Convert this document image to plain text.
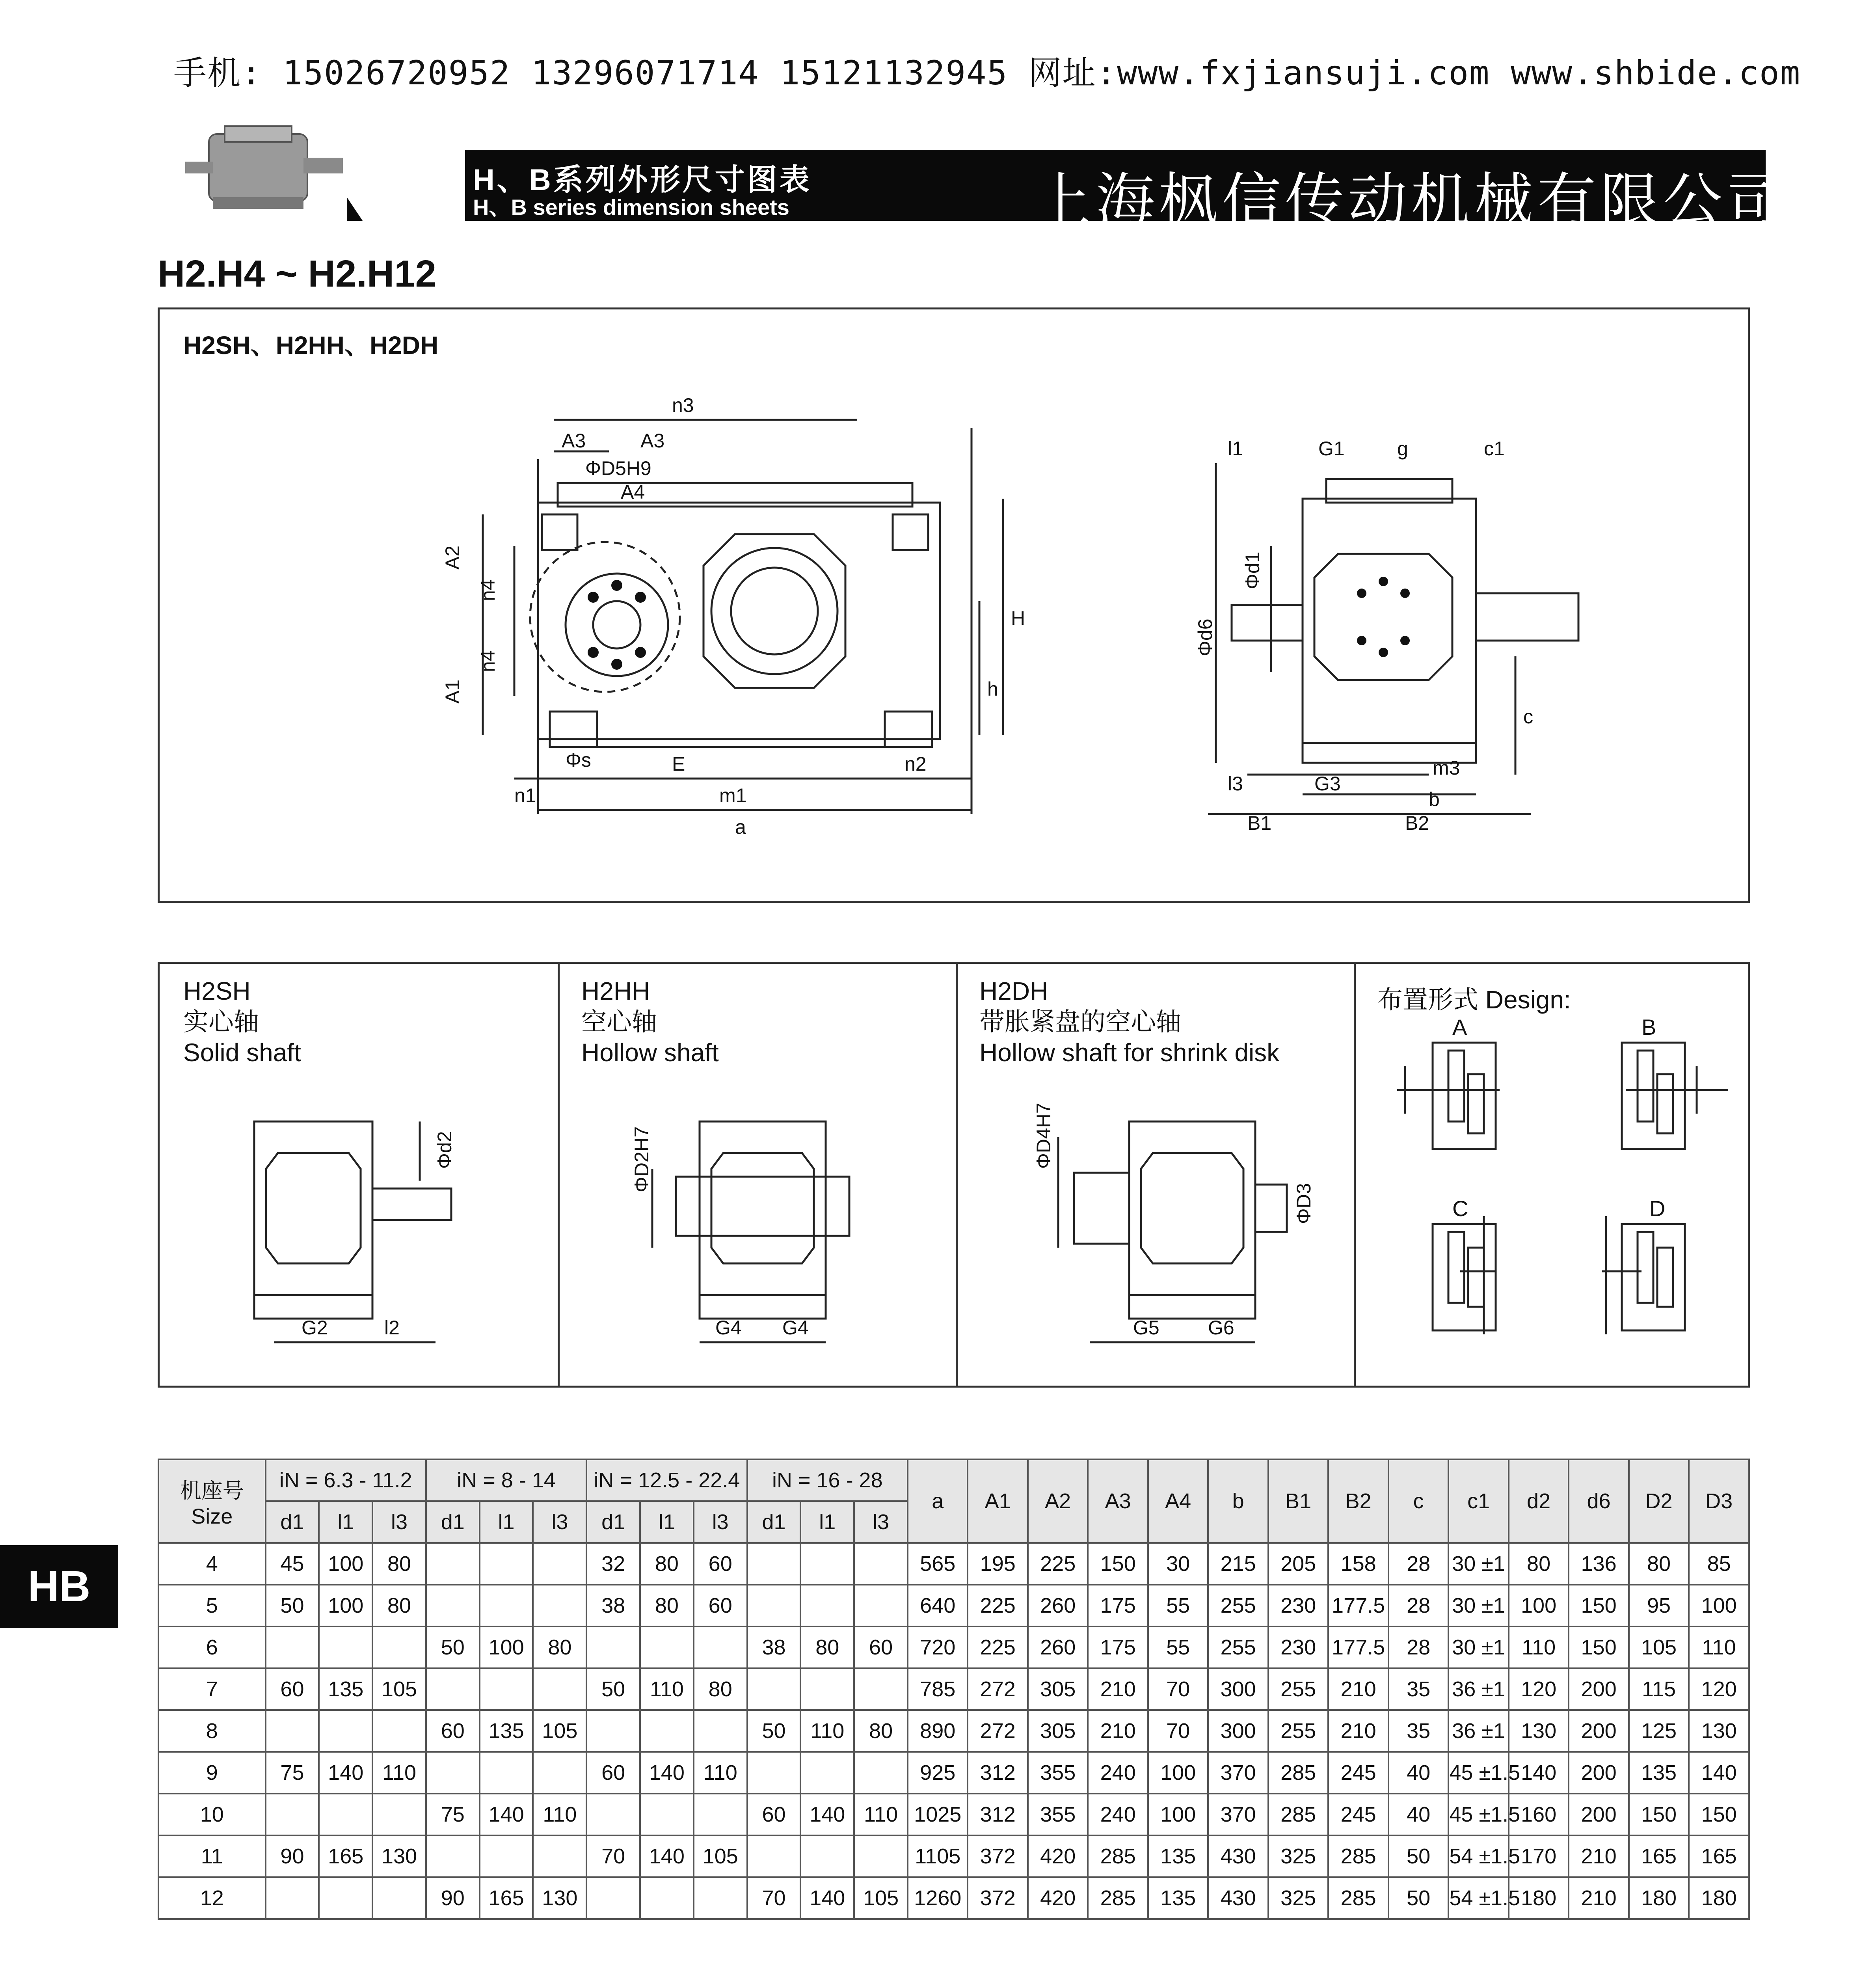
手机: 15026720952 13296071714 15121132945 网址:www.fxjiansuji.com www.shbide.com
H、B系列外形尺寸图表
H、B series dimension sheets	上海枫信传动机械有限公司
H2.H4 ~ H2.H12
H2SH、H2HH、H2DH
n3
A3	A3
ΦD5H9
A4
A2
n4
n4
A1
H
h
Φs	E	n2
n1	m1
a
l1	G1	g	c1
Φd1
Φd6
c
l3	G3
m3
b
B1	B2
H2SH
实心轴
Solid shaft
Φd2
G2	l2
H2HH
空心轴
Hollow shaft
ΦD2H7
G4 G4
H2DH
带胀紧盘的空心轴
Hollow shaft for shrink disk
ΦD4H7
ΦD3
G5 G6
布置形式 Design:
A	B
C	D
HB
机座号
Size	iN = 6.3 - 11.2			iN = 8 - 14			iN = 12.5 - 22.4			iN = 16 - 28			a	A1	A2	A3	A4	b	B1	B2	c	c1	d2	d6	D2	D3
	d1	l1	l3	d1	l1	l3	d1	l1	l3	d1	l1	l3														
4	45	100	80				32	80	60				565	195	225	150	30	215	205	158	28	30 ±1	80	136	80	85
5	50	100	80				38	80	60				640	225	260	175	55	255	230	177.5	28	30 ±1	100	150	95	100
6				50	100	80				38	80	60	720	225	260	175	55	255	230	177.5	28	30 ±1	110	150	105	110
7	60	135	105				50	110	80				785	272	305	210	70	300	255	210	35	36 ±1	120	200	115	120
8				60	135	105				50	110	80	890	272	305	210	70	300	255	210	35	36 ±1	130	200	125	130
9	75	140	110				60	140	110				925	312	355	240	100	370	285	245	40	45 ±1.5	140	200	135	140
10				75	140	110				60	140	110	1025	312	355	240	100	370	285	245	40	45 ±1.5	160	200	150	150
11	90	165	130				70	140	105				1105	372	420	285	135	430	325	285	50	54 ±1.5	170	210	165	165
12				90	165	130				70	140	105	1260	372	420	285	135	430	325	285	50	54 ±1.5	180	210	180	180
